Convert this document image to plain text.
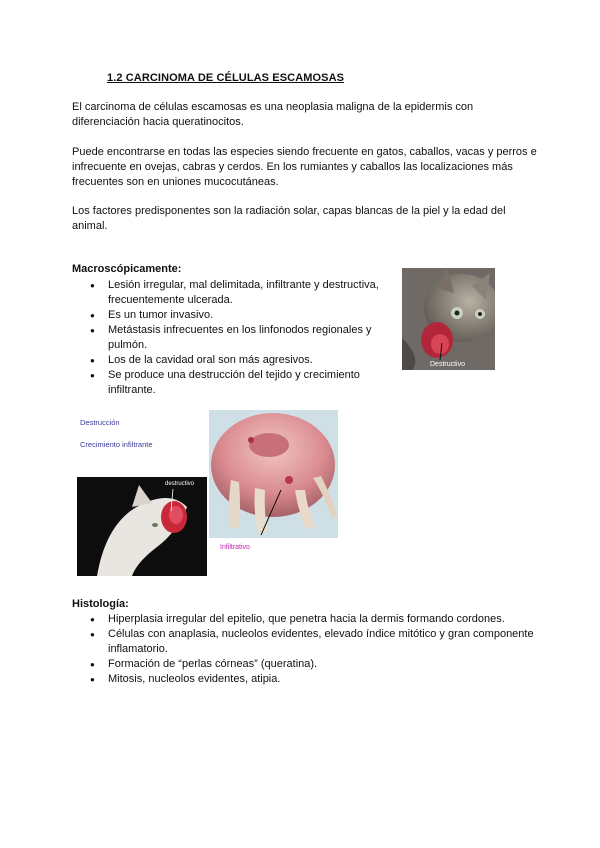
1.2 CARCINOMA DE CÉLULAS ESCAMOSAS
El carcinoma de células escamosas es una neoplasia maligna de la epidermis con diferenciación hacia queratinocitos.
Puede encontrarse en todas las especies siendo frecuente en gatos, caballos, vacas y perros e infrecuente en ovejas, cabras y cerdos. En los rumiantes y caballos las localizaciones más frecuentes son en uniones mucocutáneas.
Los factores predisponentes son la radiación solar, capas blancas de la piel y la edad del animal.
Macroscópicamente:
● Lesión irregular, mal delimitada, infiltrante y destructiva, frecuentemente ulcerada.
● Es un tumor invasivo.
● Metástasis infrecuentes en los linfonodos regionales y pulmón.
● Los de la cavidad oral son más agresivos.
● Se produce una destrucción del tejido y crecimiento infiltrante.
Destructivo
Destrucción
Crecimiento infiltrante
destructivo
Infiltrativo
Histología:
● Hiperplasia irregular del epitelio, que penetra hacia la dermis formando cordones.
● Células con anaplasia, nucleolos evidentes, elevado índice mitótico y gran componente inflamatorio.
● Formación de “perlas córneas” (queratina).
● Mitosis, nucleolos evidentes, atipia.
